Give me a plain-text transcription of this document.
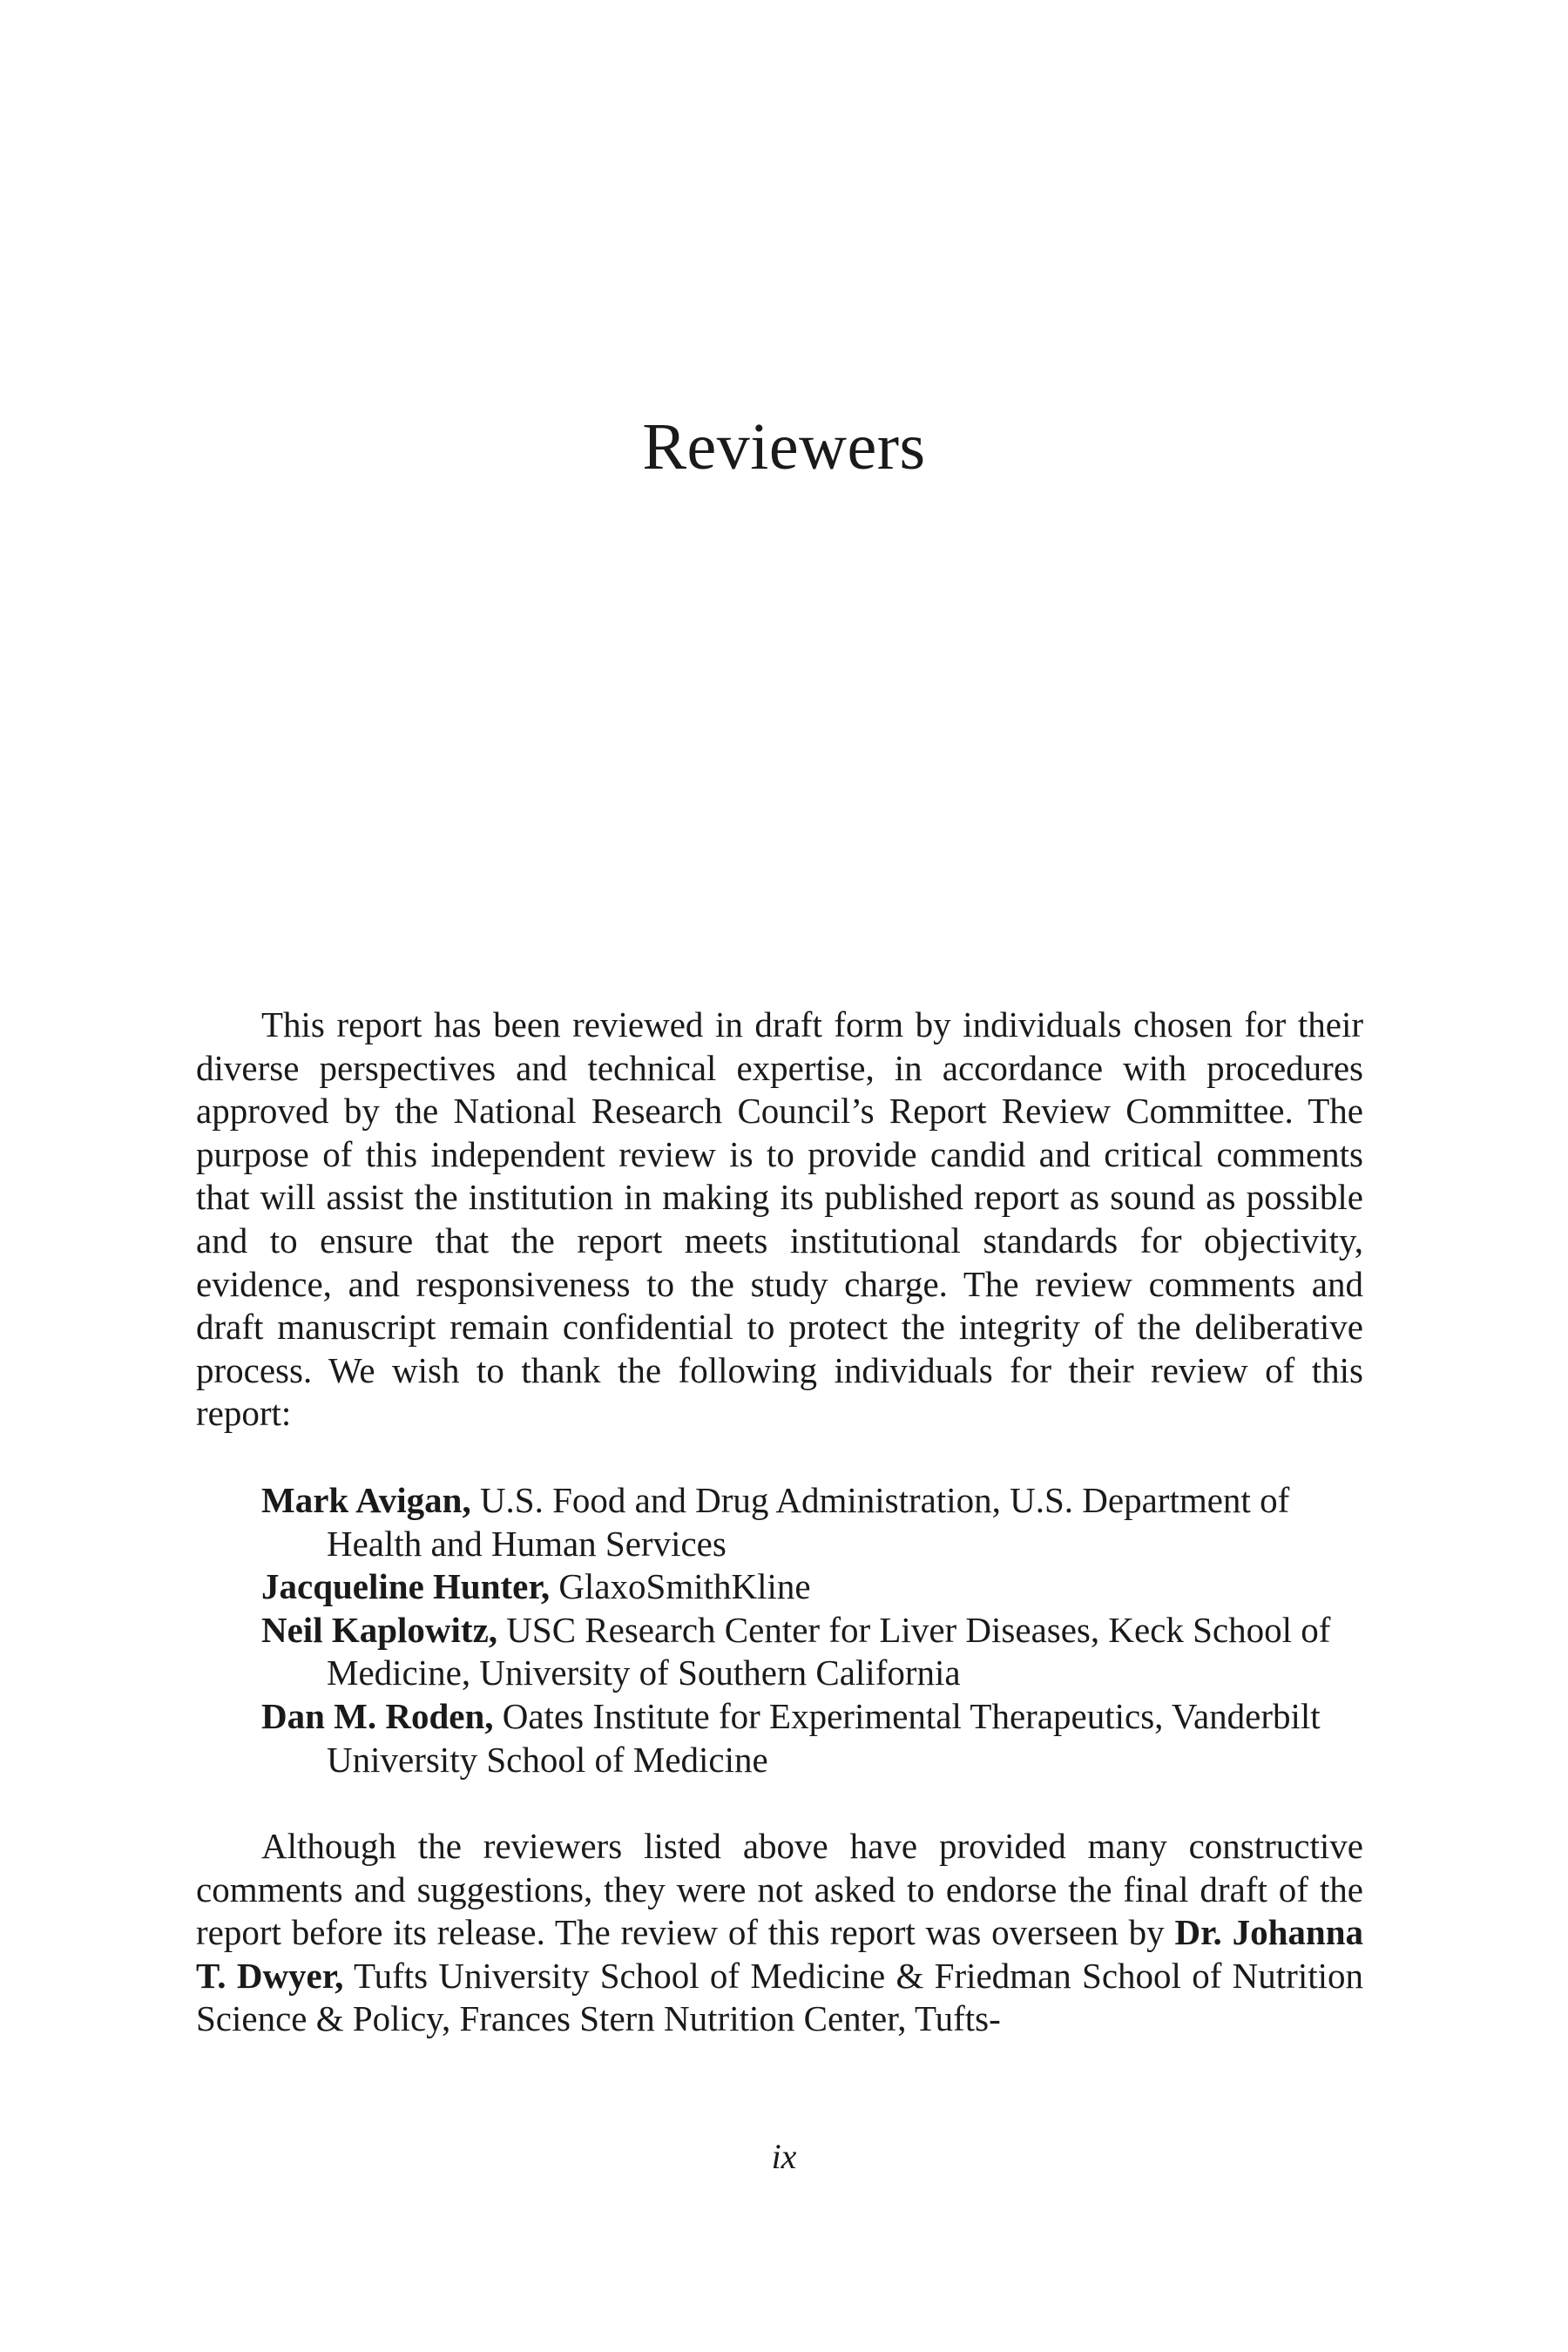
Reviewers

This report has been reviewed in draft form by individuals chosen for their diverse perspectives and technical expertise, in accordance with procedures approved by the National Research Council’s Report Review Committee. The purpose of this independent review is to provide candid and critical comments that will assist the institution in making its published report as sound as possible and to ensure that the report meets institutional standards for objectivity, evidence, and responsiveness to the study charge. The review comments and draft manuscript remain confidential to protect the integrity of the deliberative process. We wish to thank the following individuals for their review of this report:

Mark Avigan, U.S. Food and Drug Administration, U.S. Department of Health and Human Services
Jacqueline Hunter, GlaxoSmithKline
Neil Kaplowitz, USC Research Center for Liver Diseases, Keck School of Medicine, University of Southern California
Dan M. Roden, Oates Institute for Experimental Therapeutics, Vanderbilt University School of Medicine

Although the reviewers listed above have provided many constructive comments and suggestions, they were not asked to endorse the final draft of the report before its release. The review of this report was overseen by Dr. Johanna T. Dwyer, Tufts University School of Medicine & Friedman School of Nutrition Science & Policy, Frances Stern Nutrition Center, Tufts-

ix
